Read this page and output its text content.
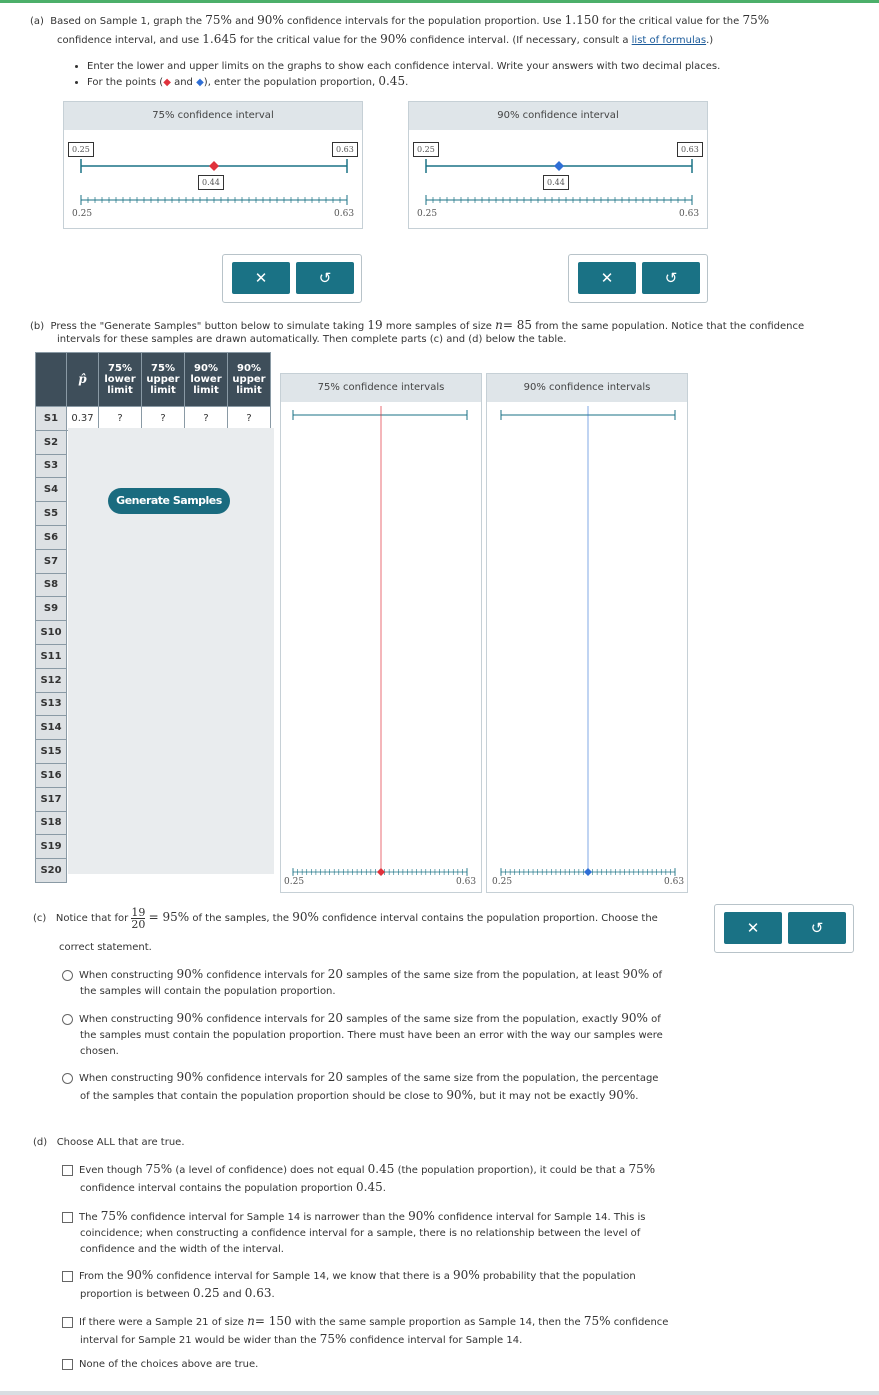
(a) Based on Sample 1, graph the 75% and 90% confidence intervals for the population proportion. Use 1.150 for the critical value for the 75%
confidence interval, and use 1.645 for the critical value for the 90% confidence interval. (If necessary, consult a list of formulas.)
• Enter the lower and upper limits on the graphs to show each confidence interval. Write your answers with two decimal places.
• For the points (◆ and ◆), enter the population proportion, 0.45.
75% confidence interval
0.25	0.63
0.44
0.25	0.63
90% confidence interval
0.25	0.63
0.44
0.25	0.63
✕	↺	✕	↺
(b) Press the "Generate Samples" button below to simulate taking 19 more samples of size n= 85 from the same population. Notice that the confidence
intervals for these samples are drawn automatically. Then complete parts (c) and (d) below the table.
	p̂	75%
lower
limit	75%
upper
limit	90%
lower
limit	90%
upper
limit
S1	0.37	?	?	?	?
S2					
S3					
S4					
S5					
S6					
S7					
S8					
S9					
S10					
S11					
S12					
S13					
S14					
S15					
S16					
S17					
S18					
S19					
S20					
Generate Samples
75% confidence intervals
0.25	0.63
90% confidence intervals
0.25	0.63
(c) Notice that for $\frac{19}{20} = 95\%$ of the samples, the 90% confidence interval contains the population proportion. Choose the
correct statement.
✕	↺
When constructing 90% confidence intervals for 20 samples of the same size from the population, at least 90% of
the samples will contain the population proportion.
When constructing 90% confidence intervals for 20 samples of the same size from the population, exactly 90% of
the samples must contain the population proportion. There must have been an error with the way our samples were
chosen.
When constructing 90% confidence intervals for 20 samples of the same size from the population, the percentage
of the samples that contain the population proportion should be close to 90%, but it may not be exactly 90%.
(d) Choose ALL that are true.
Even though 75% (a level of confidence) does not equal 0.45 (the population proportion), it could be that a 75%
confidence interval contains the population proportion 0.45.
The 75% confidence interval for Sample 14 is narrower than the 90% confidence interval for Sample 14. This is
coincidence; when constructing a confidence interval for a sample, there is no relationship between the level of
confidence and the width of the interval.
From the 90% confidence interval for Sample 14, we know that there is a 90% probability that the population
proportion is between 0.25 and 0.63.
If there were a Sample 21 of size n= 150 with the same sample proportion as Sample 14, then the 75% confidence
interval for Sample 21 would be wider than the 75% confidence interval for Sample 14.
None of the choices above are true.
